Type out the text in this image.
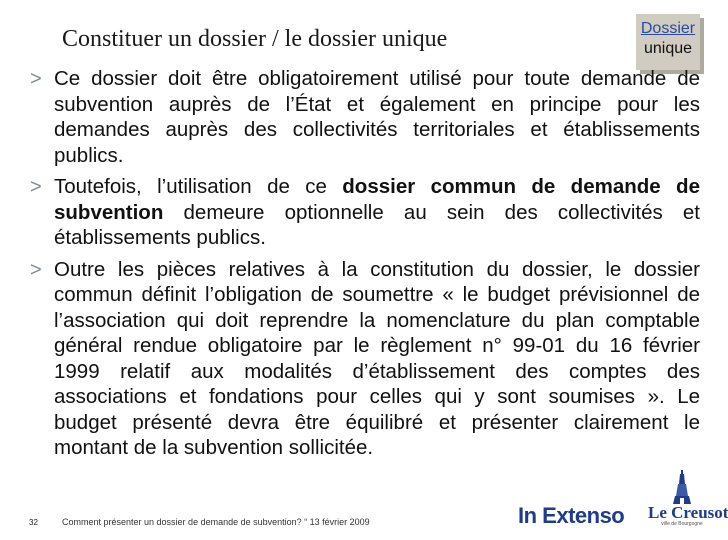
Constituer un dossier / le dossier unique	Dossier
unique
> Ce dossier doit être obligatoirement utilisé pour toute demande de subvention auprès de l’État et également en principe pour les demandes auprès des collectivités territoriales et établissements publics.
> Toutefois, l’utilisation de ce dossier commun de demande de subvention demeure optionnelle au sein des collectivités et établissements publics.
> Outre les pièces relatives à la constitution du dossier, le dossier commun définit l’obligation de soumettre « le budget prévisionnel de l’association qui doit reprendre la nomenclature du plan comptable général rendue obligatoire par le règlement n° 99-01 du 16 février 1999 relatif aux modalités d’établissement des comptes des associations et fondations pour celles qui y sont soumises ». Le budget présenté devra être équilibré et présenter clairement le montant de la subvention sollicitée.
32	Comment présenter un dossier de demande de subvention? “ 13 février 2009	In Extenso Le Creusot
ville de Bourgogne
